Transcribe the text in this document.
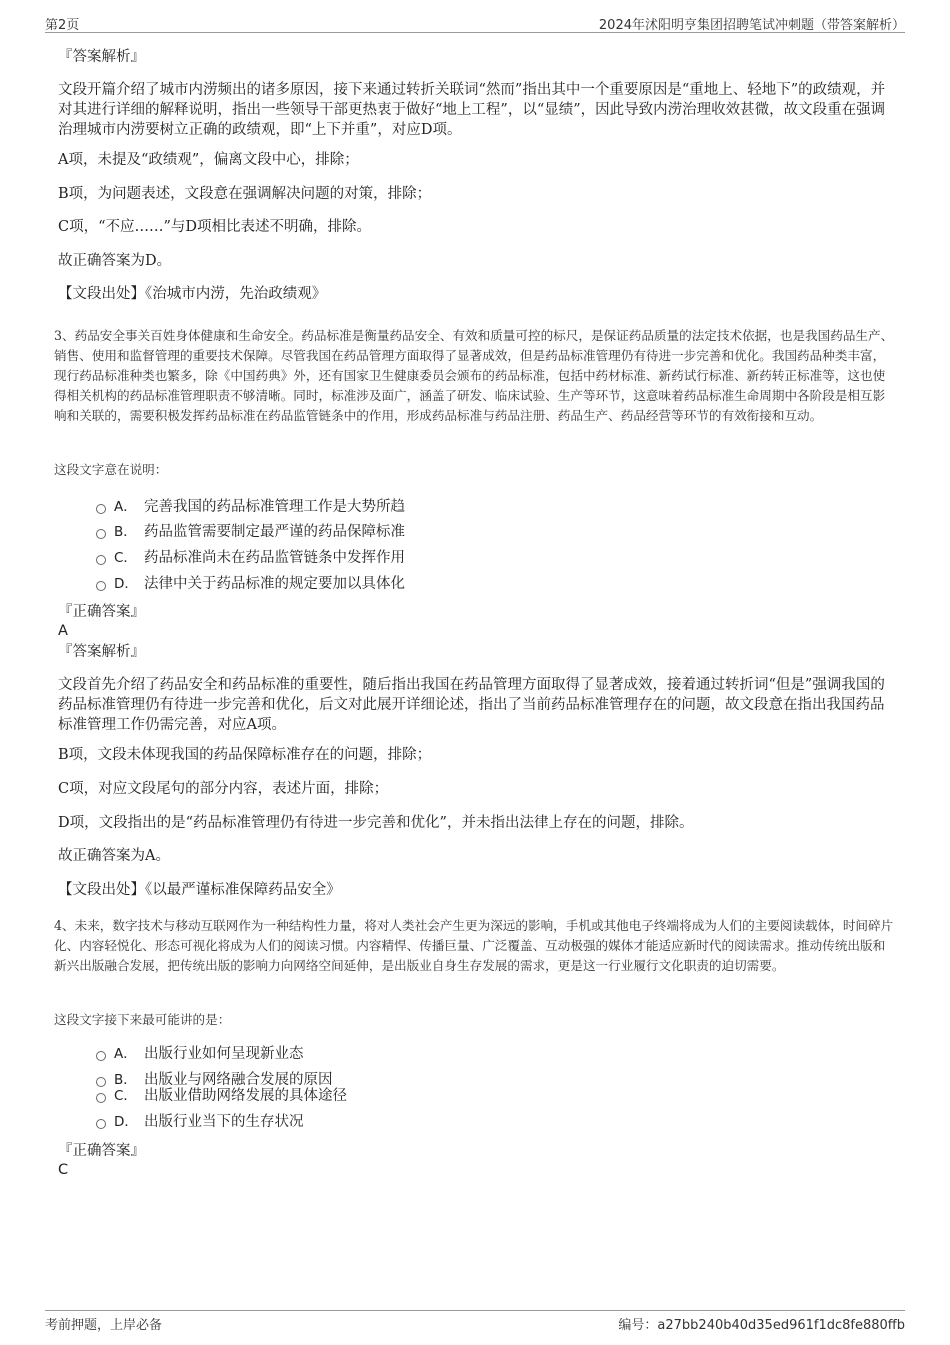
第2页	2024年沭阳明亨集团招聘笔试冲刺题（带答案解析）
『答案解析』
文段开篇介绍了城市内涝频出的诸多原因，接下来通过转折关联词“然而”指出其中一个重要原因是“重地上、轻地下”的政绩观，并对其进行详细的解释说明，指出一些领导干部更热衷于做好“地上工程”，以“显绩”，因此导致内涝治理收效甚微，故文段重在强调治理城市内涝要树立正确的政绩观，即“上下并重”，对应D项。
A项，未提及“政绩观”，偏离文段中心，排除；
B项，为问题表述，文段意在强调解决问题的对策，排除；
C项，“不应……”与D项相比表述不明确，排除。
故正确答案为D。
【文段出处】《治城市内涝，先治政绩观》
3、药品安全事关百姓身体健康和生命安全。药品标准是衡量药品安全、有效和质量可控的标尺，是保证药品质量的法定技术依据，也是我国药品生产、销售、使用和监督管理的重要技术保障。尽管我国在药品管理方面取得了显著成效，但是药品标准管理仍有待进一步完善和优化。我国药品种类丰富，现行药品标准种类也繁多，除《中国药典》外，还有国家卫生健康委员会颁布的药品标准，包括中药材标准、新药试行标准、新药转正标准等，这也使得相关机构的药品标准管理职责不够清晰。同时，标准涉及面广，涵盖了研发、临床试验、生产等环节，这意味着药品标准生命周期中各阶段是相互影响和关联的，需要积极发挥药品标准在药品监管链条中的作用，形成药品标准与药品注册、药品生产、药品经营等环节的有效衔接和互动。
这段文字意在说明：
A． 完善我国的药品标准管理工作是大势所趋
B． 药品监管需要制定最严谨的药品保障标准
C． 药品标准尚未在药品监管链条中发挥作用
D． 法律中关于药品标准的规定要加以具体化
『正确答案』
A
『答案解析』
文段首先介绍了药品安全和药品标准的重要性，随后指出我国在药品管理方面取得了显著成效，接着通过转折词“但是”强调我国的药品标准管理仍有待进一步完善和优化，后文对此展开详细论述，指出了当前药品标准管理存在的问题，故文段意在指出我国药品标准管理工作仍需完善，对应A项。
B项，文段未体现我国的药品保障标准存在的问题，排除；
C项，对应文段尾句的部分内容，表述片面，排除；
D项，文段指出的是“药品标准管理仍有待进一步完善和优化”，并未指出法律上存在的问题，排除。
故正确答案为A。
【文段出处】《以最严谨标准保障药品安全》
4、未来，数字技术与移动互联网作为一种结构性力量，将对人类社会产生更为深远的影响，手机或其他电子终端将成为人们的主要阅读载体，时间碎片化、内容轻悦化、形态可视化将成为人们的阅读习惯。内容精悍、传播巨量、广泛覆盖、互动极强的媒体才能适应新时代的阅读需求。推动传统出版和新兴出版融合发展，把传统出版的影响力向网络空间延伸，是出版业自身生存发展的需求，更是这一行业履行文化职责的迫切需要。
这段文字接下来最可能讲的是：
A． 出版行业如何呈现新业态
B． 出版业与网络融合发展的原因
C． 出版业借助网络发展的具体途径
D． 出版行业当下的生存状况
『正确答案』
C
考前押题，上岸必备	编号：a27bb240b40d35ed961f1dc8fe880ffb
